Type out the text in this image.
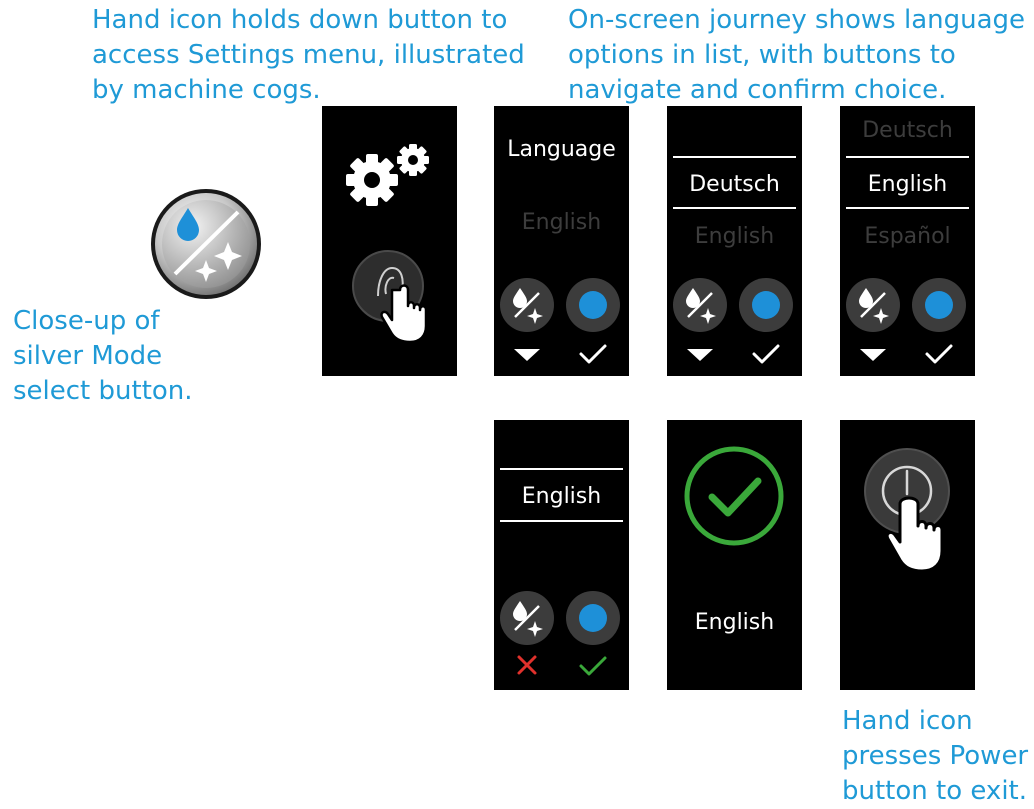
Hand icon holds down button to
access Settings menu, illustrated
by machine cogs.
On-screen journey shows language
options in list, with buttons to
navigate and confirm choice.
Close-up of
silver Mode
select button.
Hand icon
presses Power
button to exit.
Language
English
Deutsch
English
Deutsch
English
Español
English
English
